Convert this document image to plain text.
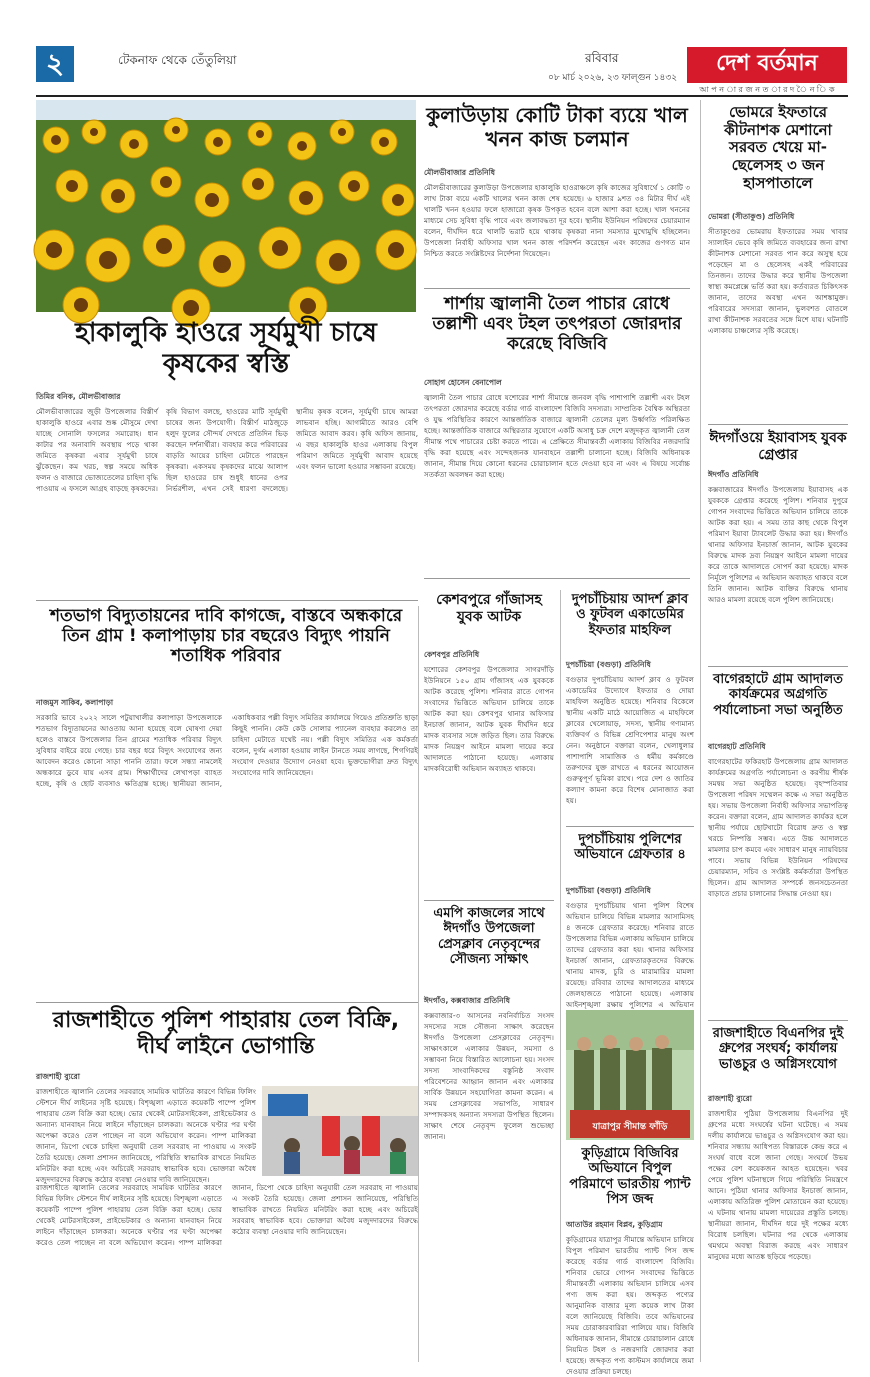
২	টেকনাফ থেকে তেঁতুলিয়া	রবিবার
০৮ মার্চ ২০২৬, ২৩ ফাল্গুন ১৪৩২
দেশ বর্তমান
আ প ন া র জ ন ত া র দ ৈ ন ি ক
হাকালুকি হাওরে সূর্যমুখী চাষে কৃষকের স্বস্তি
তিমির বনিক, মৌলভীবাজার
মৌলভীবাজারের জুড়ী উপজেলার বিস্তীর্ণ হাকালুকি হাওরে এবার শুষ্ক মৌসুমে দেখা যাচ্ছে সোনালি ফসলের সমারোহ। ধান কাটার পর অনাবাদি অবস্থায় পড়ে থাকা জমিতে কৃষকরা এবার সূর্যমুখী চাষে ঝুঁকেছেন। কম খরচ, স্বল্প সময়ে অধিক ফলন ও বাজারে ভোজ্যতেলের চাহিদা বৃদ্ধি পাওয়ায় এ ফসলে আগ্রহ বাড়ছে কৃষকদের। কৃষি বিভাগ বলছে, হাওরের মাটি সূর্যমুখী চাষের জন্য উপযোগী। বিস্তীর্ণ মাঠজুড়ে হলুদ ফুলের সৌন্দর্য দেখতে প্রতিদিন ভিড় করছেন দর্শনার্থীরা। ব্যবহার করে পরিবারের বাড়তি আয়ের চাহিদা মেটাতে পারছেন কৃষকরা। একসময় কৃষকদের মাঝে আলাপ ছিল হাওরের চাষ শুধুই ধানের ওপর নির্ভরশীল, এখন সেই ধারণা বদলেছে। স্থানীয় কৃষক বলেন, সূর্যমুখী চাষে আমরা লাভবান হচ্ছি। আগামীতে আরও বেশি জমিতে আবাদ করব। কৃষি অফিস জানায়, এ বছর হাকালুকি হাওর এলাকায় বিপুল পরিমাণ জমিতে সূর্যমুখী আবাদ হয়েছে এবং ফলন ভালো হওয়ার সম্ভাবনা রয়েছে।
কুলাউড়ায় কোটি টাকা ব্যয়ে খাল খনন কাজ চলমান
মৌলভীবাজার প্রতিনিধি
মৌলভীবাজারের কুলাউড়া উপজেলার হাকালুকি হাওরাঞ্চলে কৃষি কাজের সুবিধার্থে ১ কোটি ৩ লাখ টাকা ব্যয়ে একটি খালের খনন কাজ শেষ হয়েছে। ৬ হাজার ৯শত ৩৪ মিটার দীর্ঘ এই খালটি খনন হওয়ার ফলে হাজারো কৃষক উপকৃত হবেন বলে আশা করা হচ্ছে। খাল খননের মাধ্যমে সেচ সুবিধা বৃদ্ধি পাবে এবং জলাবদ্ধতা দূর হবে। স্থানীয় ইউনিয়ন পরিষদের চেয়ারম্যান বলেন, দীর্ঘদিন ধরে খালটি ভরাট হয়ে থাকায় কৃষকরা নানা সমস্যার মুখোমুখি হচ্ছিলেন। উপজেলা নির্বাহী অফিসার খাল খনন কাজ পরিদর্শন করেছেন এবং কাজের গুণগত মান নিশ্চিত করতে সংশ্লিষ্টদের নির্দেশনা দিয়েছেন।
শার্শায় জ্বালানী তৈল পাচার রোধে তল্লাশী এবং টহল তৎপরতা জোরদার করেছে বিজিবি
সোহাগ হোসেন বেনাপোল
জ্বালানী তৈল পাচার রোধে যশোরের শার্শা সীমান্তে জনবল বৃদ্ধি পাশাপাশি তল্লাশী এবং টহল তৎপরতা জোরদার করেছে বর্ডার গার্ড বাংলাদেশ বিজিবি সদস্যরা। সাম্প্রতিক বৈশ্বিক অস্থিরতা ও যুদ্ধ পরিস্থিতির কারণে আন্তর্জাতিক বাজারে জ্বালানী তেলের মূল্য উর্ধ্বগতি পরিলক্ষিত হচ্ছে। আন্তর্জাতিক বাজারে অস্থিরতার সুযোগে একটি অসাধু চক্র দেশে মজুদকৃত জ্বালানী তেল সীমান্ত পথে পাচারের চেষ্টা করতে পারে। এ প্রেক্ষিতে সীমান্তবর্তী এলাকায় বিজিবির নজরদারি বৃদ্ধি করা হয়েছে এবং সন্দেহজনক যানবাহনে তল্লাশী চালানো হচ্ছে। বিজিবি অধিনায়ক জানান, সীমান্ত দিয়ে কোনো ধরনের চোরাচালান হতে দেওয়া হবে না এবং এ বিষয়ে সর্বোচ্চ সতর্কতা অবলম্বন করা হচ্ছে।
ভোমরে ইফতারে কীটনাশক মেশানো সরবত খেয়ে মা-ছেলেসহ ৩ জন হাসপাতালে
ভোমরা (সীতাকুণ্ড) প্রতিনিধি
সীতাকুণ্ডের ভোমরায় ইফতারের সময় খাবার স্যালাইন ভেবে কৃষি জমিতে ব্যবহারের জন্য রাখা কীটনাশক মেশানো সরবত পান করে অসুস্থ হয়ে পড়েছেন মা ও ছেলেসহ একই পরিবারের তিনজন। তাদের উদ্ধার করে স্থানীয় উপজেলা স্বাস্থ্য কমপ্লেক্সে ভর্তি করা হয়। কর্তব্যরত চিকিৎসক জানান, তাদের অবস্থা এখন আশঙ্কামুক্ত। পরিবারের সদস্যরা জানান, ভুলবশত বোতলে রাখা কীটনাশক সরবতের সঙ্গে মিশে যায়। ঘটনাটি এলাকায় চাঞ্চল্যের সৃষ্টি করেছে।
ঈদগাঁওয়ে ইয়াবাসহ যুবক গ্রেপ্তার
ঈদগাঁও প্রতিনিধি
কক্সবাজারের ঈদগাঁও উপজেলায় ইয়াবাসহ এক যুবককে গ্রেপ্তার করেছে পুলিশ। শনিবার দুপুরে গোপন সংবাদের ভিত্তিতে অভিযান চালিয়ে তাকে আটক করা হয়। এ সময় তার কাছ থেকে বিপুল পরিমাণ ইয়াবা ট্যাবলেট উদ্ধার করা হয়। ঈদগাঁও থানার অফিসার ইনচার্জ জানান, আটক যুবকের বিরুদ্ধে মাদক দ্রব্য নিয়ন্ত্রণ আইনে মামলা দায়ের করে তাকে আদালতে সোপর্দ করা হয়েছে। মাদক নির্মূলে পুলিশের এ অভিযান অব্যাহত থাকবে বলে তিনি জানান। আটক ব্যক্তির বিরুদ্ধে থানায় আরও মামলা রয়েছে বলে পুলিশ জানিয়েছে।
বাগেরহাটে গ্রাম আদালত কার্যক্রমের অগ্রগতি পর্যালোচনা সভা অনুষ্ঠিত
বাগেরহাট প্রতিনিধি
বাগেরহাটের ফকিরহাট উপজেলায় গ্রাম আদালত কার্যক্রমের অগ্রগতি পর্যালোচনা ও করণীয় শীর্ষক সমন্বয় সভা অনুষ্ঠিত হয়েছে। বৃহস্পতিবার উপজেলা পরিষদ সম্মেলন কক্ষে এ সভা অনুষ্ঠিত হয়। সভায় উপজেলা নির্বাহী অফিসার সভাপতিত্ব করেন। বক্তারা বলেন, গ্রাম আদালত কার্যকর হলে স্থানীয় পর্যায়ে ছোটখাটো বিরোধ দ্রুত ও স্বল্প খরচে নিষ্পত্তি সম্ভব। এতে উচ্চ আদালতে মামলার চাপ কমবে এবং সাধারণ মানুষ ন্যায়বিচার পাবে। সভায় বিভিন্ন ইউনিয়ন পরিষদের চেয়ারম্যান, সচিব ও সংশ্লিষ্ট কর্মকর্তারা উপস্থিত ছিলেন। গ্রাম আদালত সম্পর্কে জনসচেতনতা বাড়াতে প্রচার চালানোর সিদ্ধান্ত নেওয়া হয়।
রাজশাহীতে বিএনপির দুই গ্রুপের সংঘর্ষ; কার্যালয় ভাঙচুর ও অগ্নিসংযোগ
রাজশাহী ব্যুরো
রাজশাহীর পুঠিয়া উপজেলায় বিএনপির দুই গ্রুপের মধ্যে সংঘর্ষের ঘটনা ঘটেছে। এ সময় দলীয় কার্যালয়ে ভাঙচুর ও অগ্নিসংযোগ করা হয়। শনিবার সন্ধ্যায় আধিপত্য বিস্তারকে কেন্দ্র করে এ সংঘর্ষ বাধে বলে জানা গেছে। সংঘর্ষে উভয় পক্ষের বেশ কয়েকজন আহত হয়েছেন। খবর পেয়ে পুলিশ ঘটনাস্থলে গিয়ে পরিস্থিতি নিয়ন্ত্রণে আনে। পুঠিয়া থানার অফিসার ইনচার্জ জানান, এলাকায় অতিরিক্ত পুলিশ মোতায়েন করা হয়েছে। এ ঘটনায় থানায় মামলা দায়েরের প্রস্তুতি চলছে। স্থানীয়রা জানান, দীর্ঘদিন ধরে দুই পক্ষের মধ্যে বিরোধ চলছিল। ঘটনার পর থেকে এলাকায় থমথমে অবস্থা বিরাজ করছে এবং সাধারণ মানুষের মধ্যে আতঙ্ক ছড়িয়ে পড়েছে।
শতভাগ বিদ্যুতায়নের দাবি কাগজে, বাস্তবে অন্ধকারে তিন গ্রাম ! কলাপাড়ায় চার বছরেও বিদ্যুৎ পায়নি শতাধিক পরিবার
নাজমুস সাকিব, কলাপাড়া
সরকারি ভাবে ২০২২ সালে পটুয়াখালীর কলাপাড়া উপজেলাকে শতভাগ বিদ্যুতায়নের আওতায় আনা হয়েছে বলে ঘোষণা দেয়া হলেও বাস্তবে উপজেলার তিন গ্রামের শতাধিক পরিবার বিদ্যুৎ সুবিধার বাইরে রয়ে গেছে। চার বছর ধরে বিদ্যুৎ সংযোগের জন্য আবেদন করেও কোনো সাড়া পাননি তারা। ফলে সন্ধ্যা নামলেই অন্ধকারে ডুবে যায় এসব গ্রাম। শিক্ষার্থীদের লেখাপড়া ব্যাহত হচ্ছে, কৃষি ও ছোট ব্যবসাও ক্ষতিগ্রস্ত হচ্ছে। স্থানীয়রা জানান, একাধিকবার পল্লী বিদ্যুৎ সমিতির কার্যালয়ে গিয়েও প্রতিশ্রুতি ছাড়া কিছুই পাননি। কেউ কেউ সোলার প্যানেল ব্যবহার করলেও তা চাহিদা মেটাতে যথেষ্ট নয়। পল্লী বিদ্যুৎ সমিতির এক কর্মকর্তা বলেন, দুর্গম এলাকা হওয়ায় লাইন টানতে সময় লাগছে, শিগগিরই সংযোগ দেওয়ার উদ্যোগ নেওয়া হবে। ভুক্তভোগীরা দ্রুত বিদ্যুৎ সংযোগের দাবি জানিয়েছেন।
রাজশাহীতে পুলিশ পাহারায় তেল বিক্রি, দীর্ঘ লাইনে ভোগান্তি
রাজশাহী ব্যুরো
রাজশাহীতে জ্বালানি তেলের সরবরাহে সাময়িক ঘাটতির কারণে বিভিন্ন ফিলিং স্টেশনে দীর্ঘ লাইনের সৃষ্টি হয়েছে। বিশৃঙ্খলা এড়াতে কয়েকটি পাম্পে পুলিশ পাহারায় তেল বিক্রি করা হচ্ছে। ভোর থেকেই মোটরসাইকেল, প্রাইভেটকার ও অন্যান্য যানবাহন নিয়ে লাইনে দাঁড়াচ্ছেন চালকরা। অনেকে ঘণ্টার পর ঘণ্টা অপেক্ষা করেও তেল পাচ্ছেন না বলে অভিযোগ করেন। পাম্প মালিকরা জানান, ডিপো থেকে চাহিদা অনুযায়ী তেল সরবরাহ না পাওয়ায় এ সংকট তৈরি হয়েছে। জেলা প্রশাসন জানিয়েছে, পরিস্থিতি স্বাভাবিক রাখতে নিয়মিত মনিটরিং করা হচ্ছে এবং অচিরেই সরবরাহ স্বাভাবিক হবে। ভোক্তারা অবৈধ মজুদদারদের বিরুদ্ধে কঠোর ব্যবস্থা নেওয়ার দাবি জানিয়েছেন।
রাজশাহীতে জ্বালানি তেলের সরবরাহে সাময়িক ঘাটতির কারণে বিভিন্ন ফিলিং স্টেশনে দীর্ঘ লাইনের সৃষ্টি হয়েছে। বিশৃঙ্খলা এড়াতে কয়েকটি পাম্পে পুলিশ পাহারায় তেল বিক্রি করা হচ্ছে। ভোর থেকেই মোটরসাইকেল, প্রাইভেটকার ও অন্যান্য যানবাহন নিয়ে লাইনে দাঁড়াচ্ছেন চালকরা। অনেকে ঘণ্টার পর ঘণ্টা অপেক্ষা করেও তেল পাচ্ছেন না বলে অভিযোগ করেন। পাম্প মালিকরা জানান, ডিপো থেকে চাহিদা অনুযায়ী তেল সরবরাহ না পাওয়ায় এ সংকট তৈরি হয়েছে। জেলা প্রশাসন জানিয়েছে, পরিস্থিতি স্বাভাবিক রাখতে নিয়মিত মনিটরিং করা হচ্ছে এবং অচিরেই সরবরাহ স্বাভাবিক হবে। ভোক্তারা অবৈধ মজুদদারদের বিরুদ্ধে কঠোর ব্যবস্থা নেওয়ার দাবি জানিয়েছেন।
কেশবপুরে গাঁজাসহ যুবক আটক
কেশবপুর প্রতিনিধি
যশোরের কেশবপুর উপজেলার সাগরদাঁড়ি ইউনিয়নে ১৫০ গ্রাম গাঁজাসহ এক যুবককে আটক করেছে পুলিশ। শনিবার রাতে গোপন সংবাদের ভিত্তিতে অভিযান চালিয়ে তাকে আটক করা হয়। কেশবপুর থানার অফিসার ইনচার্জ জানান, আটক যুবক দীর্ঘদিন ধরে মাদক ব্যবসার সঙ্গে জড়িত ছিল। তার বিরুদ্ধে মাদক নিয়ন্ত্রণ আইনে মামলা দায়ের করে আদালতে পাঠানো হয়েছে। এলাকায় মাদকবিরোধী অভিযান অব্যাহত থাকবে।
এমপি কাজলের সাথে ঈদগাঁও উপজেলা প্রেসক্লাব নেতৃবৃন্দের সৌজন্য সাক্ষাৎ
ঈদগাঁও, কক্সবাজার প্রতিনিধি
কক্সবাজার-৩ আসনের নবনির্বাচিত সংসদ সদস্যের সঙ্গে সৌজন্য সাক্ষাৎ করেছেন ঈদগাঁও উপজেলা প্রেসক্লাবের নেতৃবৃন্দ। সাক্ষাৎকালে এলাকার উন্নয়ন, সমস্যা ও সম্ভাবনা নিয়ে বিস্তারিত আলোচনা হয়। সংসদ সদস্য সাংবাদিকদের বস্তুনিষ্ঠ সংবাদ পরিবেশনের আহ্বান জানান এবং এলাকার সার্বিক উন্নয়নে সহযোগিতা কামনা করেন। এ সময় প্রেসক্লাবের সভাপতি, সাধারণ সম্পাদকসহ অন্যান্য সদস্যরা উপস্থিত ছিলেন। সাক্ষাৎ শেষে নেতৃবৃন্দ ফুলেল শুভেচ্ছা জানান।
দুপচাঁচিয়ায় আদর্শ ক্লাব ও ফুটবল একাডেমির ইফতার মাহফিল
দুপচাঁচিয়া (বগুড়া) প্রতিনিধি
বগুড়ার দুপচাঁচিয়ায় আদর্শ ক্লাব ও ফুটবল একাডেমির উদ্যোগে ইফতার ও দোয়া মাহফিল অনুষ্ঠিত হয়েছে। শনিবার বিকেলে স্থানীয় একটি মাঠে আয়োজিত এ মাহফিলে ক্লাবের খেলোয়াড়, সদস্য, স্থানীয় গণ্যমান্য ব্যক্তিবর্গ ও বিভিন্ন শ্রেণিপেশার মানুষ অংশ নেন। অনুষ্ঠানে বক্তারা বলেন, খেলাধুলার পাশাপাশি সামাজিক ও ধর্মীয় কর্মকাণ্ডে তরুণদের যুক্ত রাখতে এ ধরনের আয়োজন গুরুত্বপূর্ণ ভূমিকা রাখে। পরে দেশ ও জাতির কল্যাণ কামনা করে বিশেষ মোনাজাত করা হয়।
দুপচাঁচিয়ায় পুলিশের অভিযানে গ্রেফতার ৪
দুপচাঁচিয়া (বগুড়া) প্রতিনিধি
বগুড়ার দুপচাঁচিয়ায় থানা পুলিশ বিশেষ অভিযান চালিয়ে বিভিন্ন মামলার আসামিসহ ৪ জনকে গ্রেফতার করেছে। শনিবার রাতে উপজেলার বিভিন্ন এলাকায় অভিযান চালিয়ে তাদের গ্রেফতার করা হয়। থানার অফিসার ইনচার্জ জানান, গ্রেফতারকৃতদের বিরুদ্ধে থানায় মাদক, চুরি ও মারামারির মামলা রয়েছে। রবিবার তাদের আদালতের মাধ্যমে জেলহাজতে পাঠানো হয়েছে। এলাকায় আইনশৃঙ্খলা রক্ষায় পুলিশের এ অভিযান
যাত্রাপুর সীমান্ত ফাঁড়ি
কুড়িগ্রামে বিজিবির অভিযানে বিপুল পরিমাণে ভারতীয় প্যান্ট পিস জব্দ
আতাউর রহমান বিপ্লব, কুড়িগ্রাম
কুড়িগ্রামের যাত্রাপুর সীমান্তে অভিযান চালিয়ে বিপুল পরিমাণ ভারতীয় প্যান্ট পিস জব্দ করেছে বর্ডার গার্ড বাংলাদেশ বিজিবি। শনিবার ভোরে গোপন সংবাদের ভিত্তিতে সীমান্তবর্তী এলাকায় অভিযান চালিয়ে এসব পণ্য জব্দ করা হয়। জব্দকৃত পণ্যের আনুমানিক বাজার মূল্য কয়েক লাখ টাকা বলে জানিয়েছে বিজিবি। তবে অভিযানের সময় চোরাকারবারিরা পালিয়ে যায়। বিজিবি অধিনায়ক জানান, সীমান্তে চোরাচালান রোধে নিয়মিত টহল ও নজরদারি জোরদার করা হয়েছে। জব্দকৃত পণ্য কাস্টমস কার্যালয়ে জমা দেওয়ার প্রক্রিয়া চলছে।
